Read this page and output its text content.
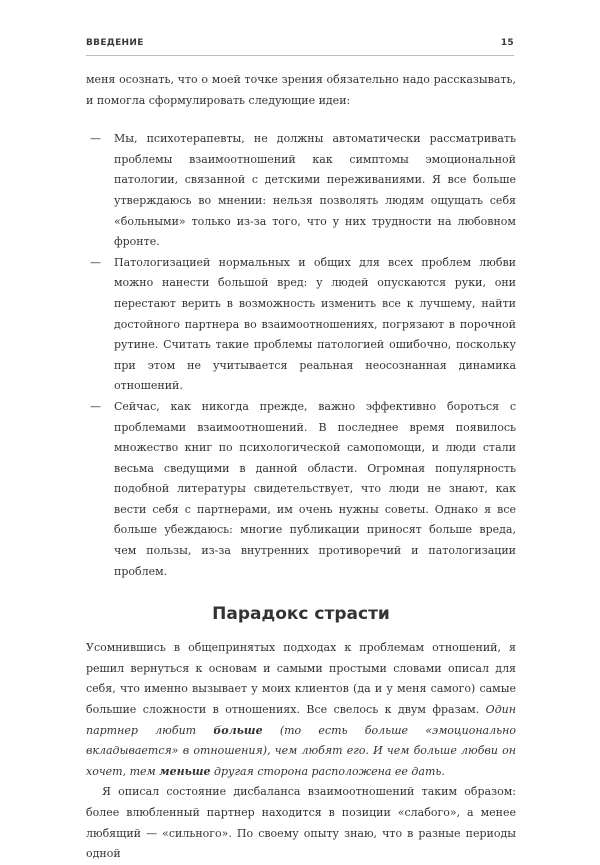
ВВЕДЕНИЕ	15

меня осознать, что о моей точке зрения обязательно надо рассказывать, и помогла сформулировать следующие идеи:

—	Мы, психотерапевты, не должны автоматически рассматривать проблемы взаимоотношений как симптомы эмоциональной патологии, связанной с детскими переживаниями. Я все больше утверждаюсь во мнении: нельзя позволять людям ощущать себя «больными» только из-за того, что у них трудности на любовном фронте.

—	Патологизацией нормальных и общих для всех проблем любви можно нанести большой вред: у людей опускаются руки, они перестают верить в возможность изменить все к лучшему, найти достойного партнера во взаимоотношениях, погрязают в порочной рутине. Считать такие проблемы патологией ошибочно, поскольку при этом не учитывается реальная неосознанная динамика отношений.

—	Сейчас, как никогда прежде, важно эффективно бороться с проблемами взаимоотношений. В последнее время появилось множество книг по психологической самопомощи, и люди стали весьма сведущими в данной области. Огромная популярность подобной литературы свидетельствует, что люди не знают, как вести себя с партнерами, им очень нужны советы. Однако я все больше убеждаюсь: многие публикации приносят больше вреда, чем пользы, из-за внутренних противоречий и патологизации проблем.

Парадокс страсти

Усомнившись в общепринятых подходах к проблемам отношений, я решил вернуться к основам и самыми простыми словами описал для себя, что именно вызывает у моих клиентов (да и у меня самого) самые большие сложности в отношениях. Все свелось к двум фразам. Один партнер любит больше (то есть больше «эмоционально вкладывается» в отношения), чем любят его. И чем больше любви он хочет, тем меньше другая сторона расположена ее дать.

Я описал состояние дисбаланса взаимоотношений таким образом: более влюбленный партнер находится в позиции «слабого», а менее любящий — «сильного». По своему опыту знаю, что в разные периоды одной
